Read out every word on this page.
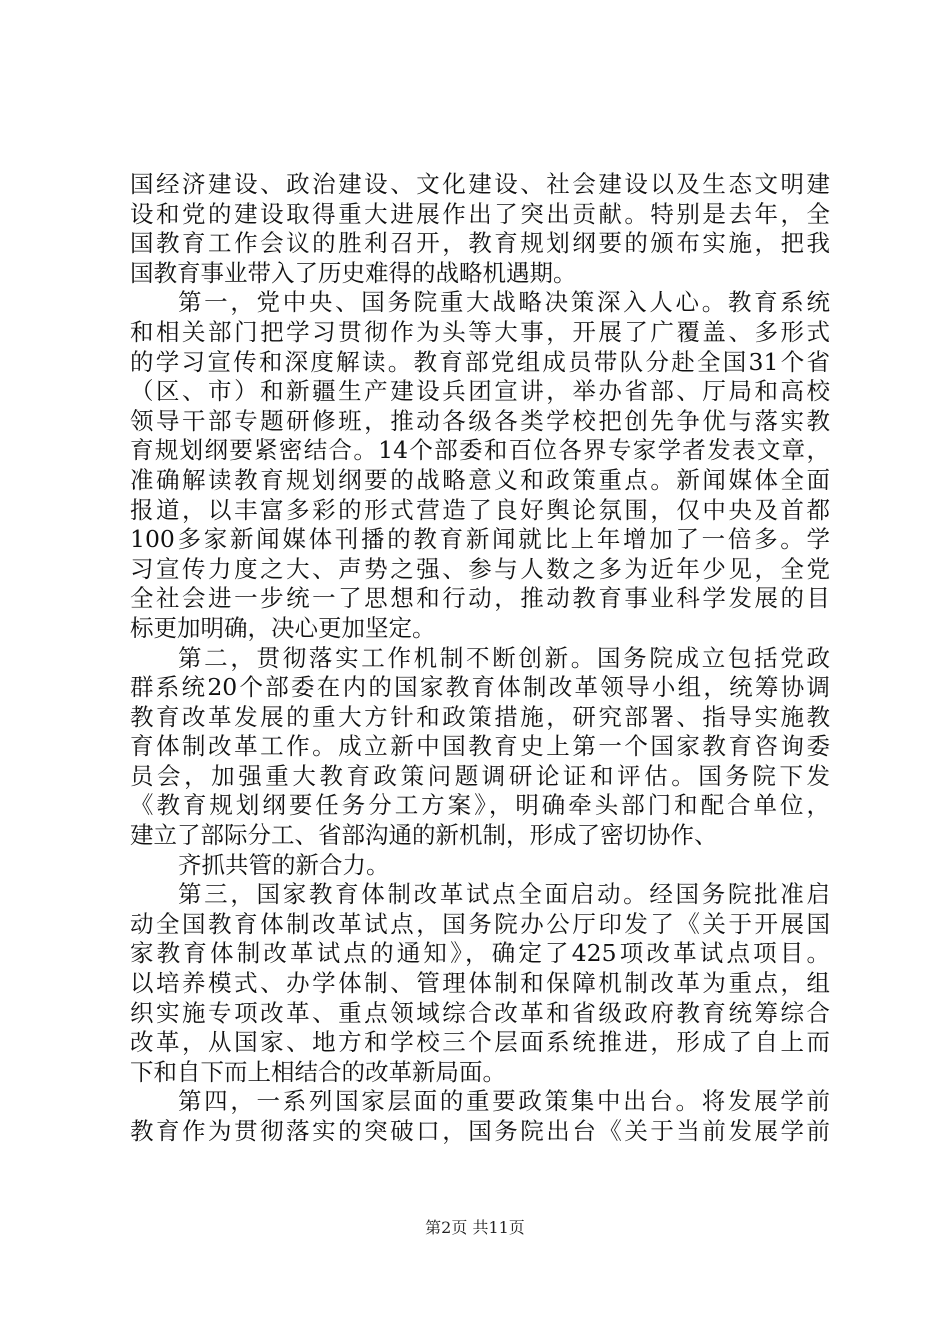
国经济建设、政治建设、文化建设、社会建设以及生态文明建
设和党的建设取得重大进展作出了突出贡献。特别是去年，全
国教育工作会议的胜利召开，教育规划纲要的颁布实施，把我
国教育事业带入了历史难得的战略机遇期。
第一，党中央、国务院重大战略决策深入人心。教育系统
和相关部门把学习贯彻作为头等大事，开展了广覆盖、多形式
的学习宣传和深度解读。教育部党组成员带队分赴全国31个省
（区、市）和新疆生产建设兵团宣讲，举办省部、厅局和高校
领导干部专题研修班，推动各级各类学校把创先争优与落实教
育规划纲要紧密结合。14个部委和百位各界专家学者发表文章，
准确解读教育规划纲要的战略意义和政策重点。新闻媒体全面
报道，以丰富多彩的形式营造了良好舆论氛围，仅中央及首都
100多家新闻媒体刊播的教育新闻就比上年增加了一倍多。学
习宣传力度之大、声势之强、参与人数之多为近年少见，全党
全社会进一步统一了思想和行动，推动教育事业科学发展的目
标更加明确，决心更加坚定。
第二，贯彻落实工作机制不断创新。国务院成立包括党政
群系统20个部委在内的国家教育体制改革领导小组，统筹协调
教育改革发展的重大方针和政策措施，研究部署、指导实施教
育体制改革工作。成立新中国教育史上第一个国家教育咨询委
员会，加强重大教育政策问题调研论证和评估。国务院下发
《教育规划纲要任务分工方案》，明确牵头部门和配合单位，
建立了部际分工、省部沟通的新机制，形成了密切协作、
齐抓共管的新合力。
第三，国家教育体制改革试点全面启动。经国务院批准启
动全国教育体制改革试点，国务院办公厅印发了《关于开展国
家教育体制改革试点的通知》，确定了425项改革试点项目。
以培养模式、办学体制、管理体制和保障机制改革为重点，组
织实施专项改革、重点领域综合改革和省级政府教育统筹综合
改革，从国家、地方和学校三个层面系统推进，形成了自上而
下和自下而上相结合的改革新局面。
第四，一系列国家层面的重要政策集中出台。将发展学前
教育作为贯彻落实的突破口，国务院出台《关于当前发展学前
第2页 共11页
